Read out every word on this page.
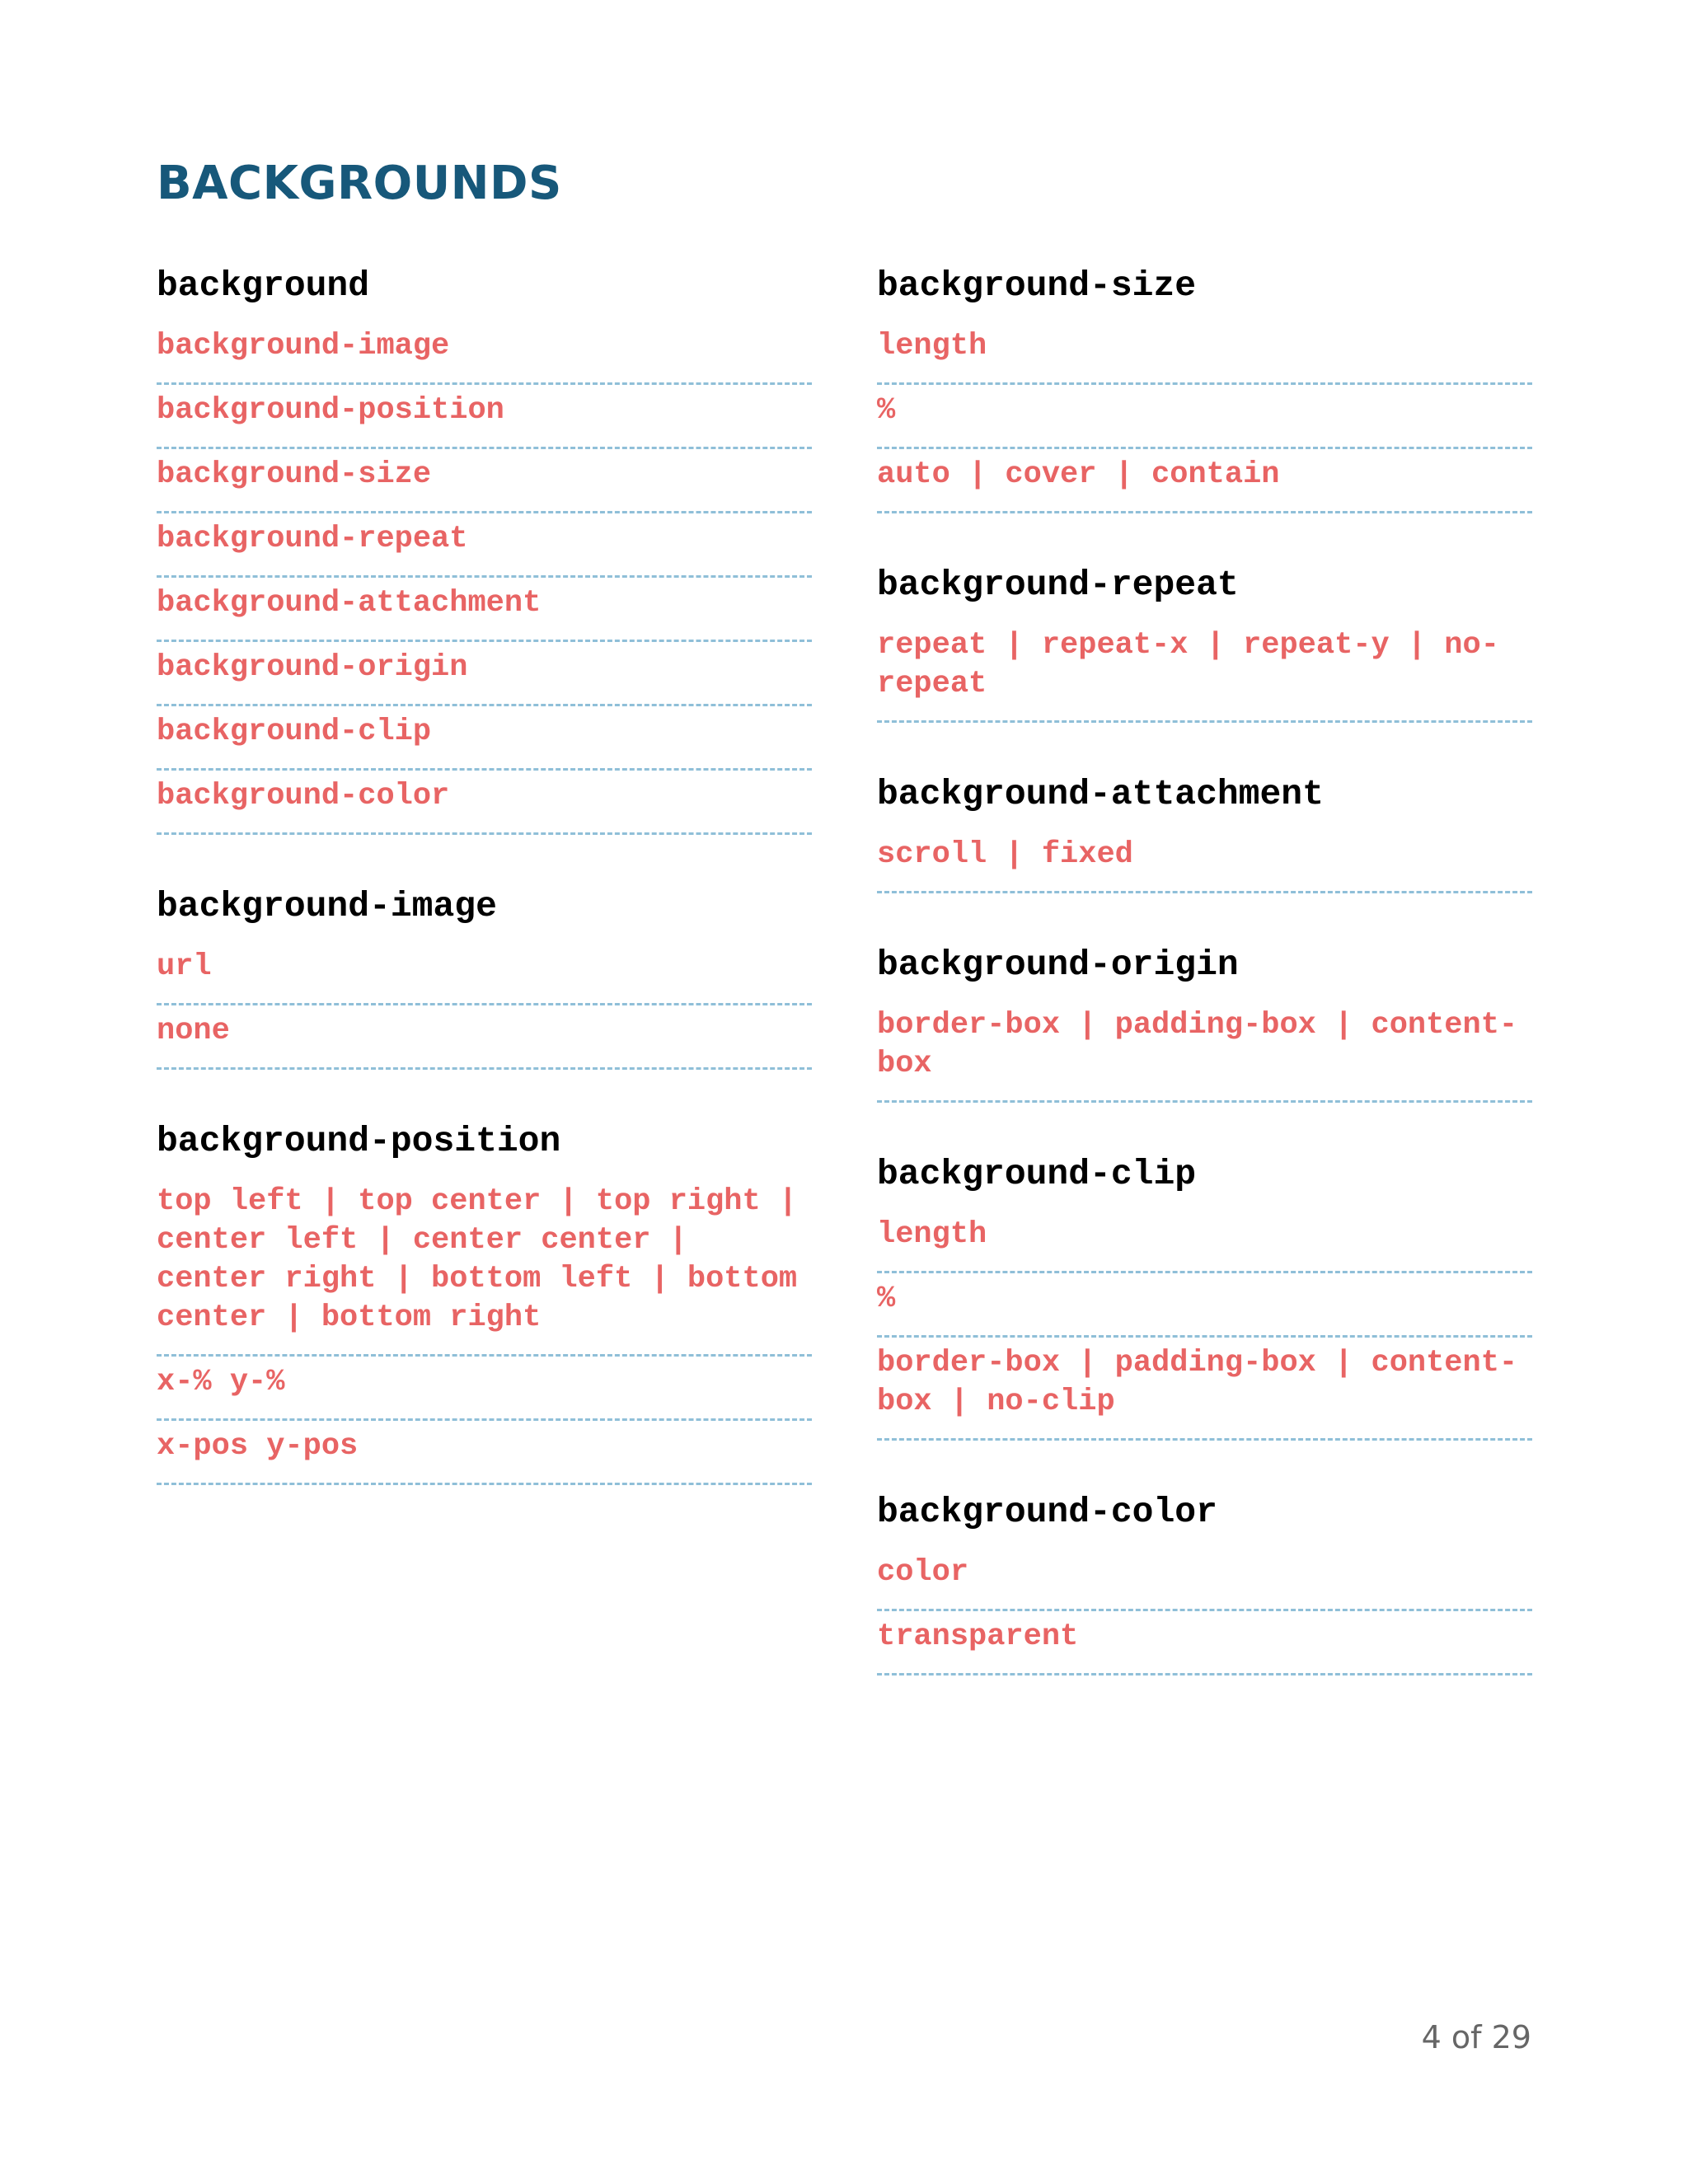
BACKGROUNDS
background
background-image
background-position
background-size
background-repeat
background-attachment
background-origin
background-clip
background-color
background-image
url
none
background-position
top left | top center | top right | center left | center center | center right | bottom left | bottom center | bottom right
x-% y-%
x-pos y-pos
background-size
length
%
auto | cover | contain
background-repeat
repeat | repeat-x | repeat-y | no-repeat
background-attachment
scroll | fixed
background-origin
border-box | padding-box | content-box
background-clip
length
%
border-box | padding-box | content-box | no-clip
background-color
color
transparent
4 of 29
